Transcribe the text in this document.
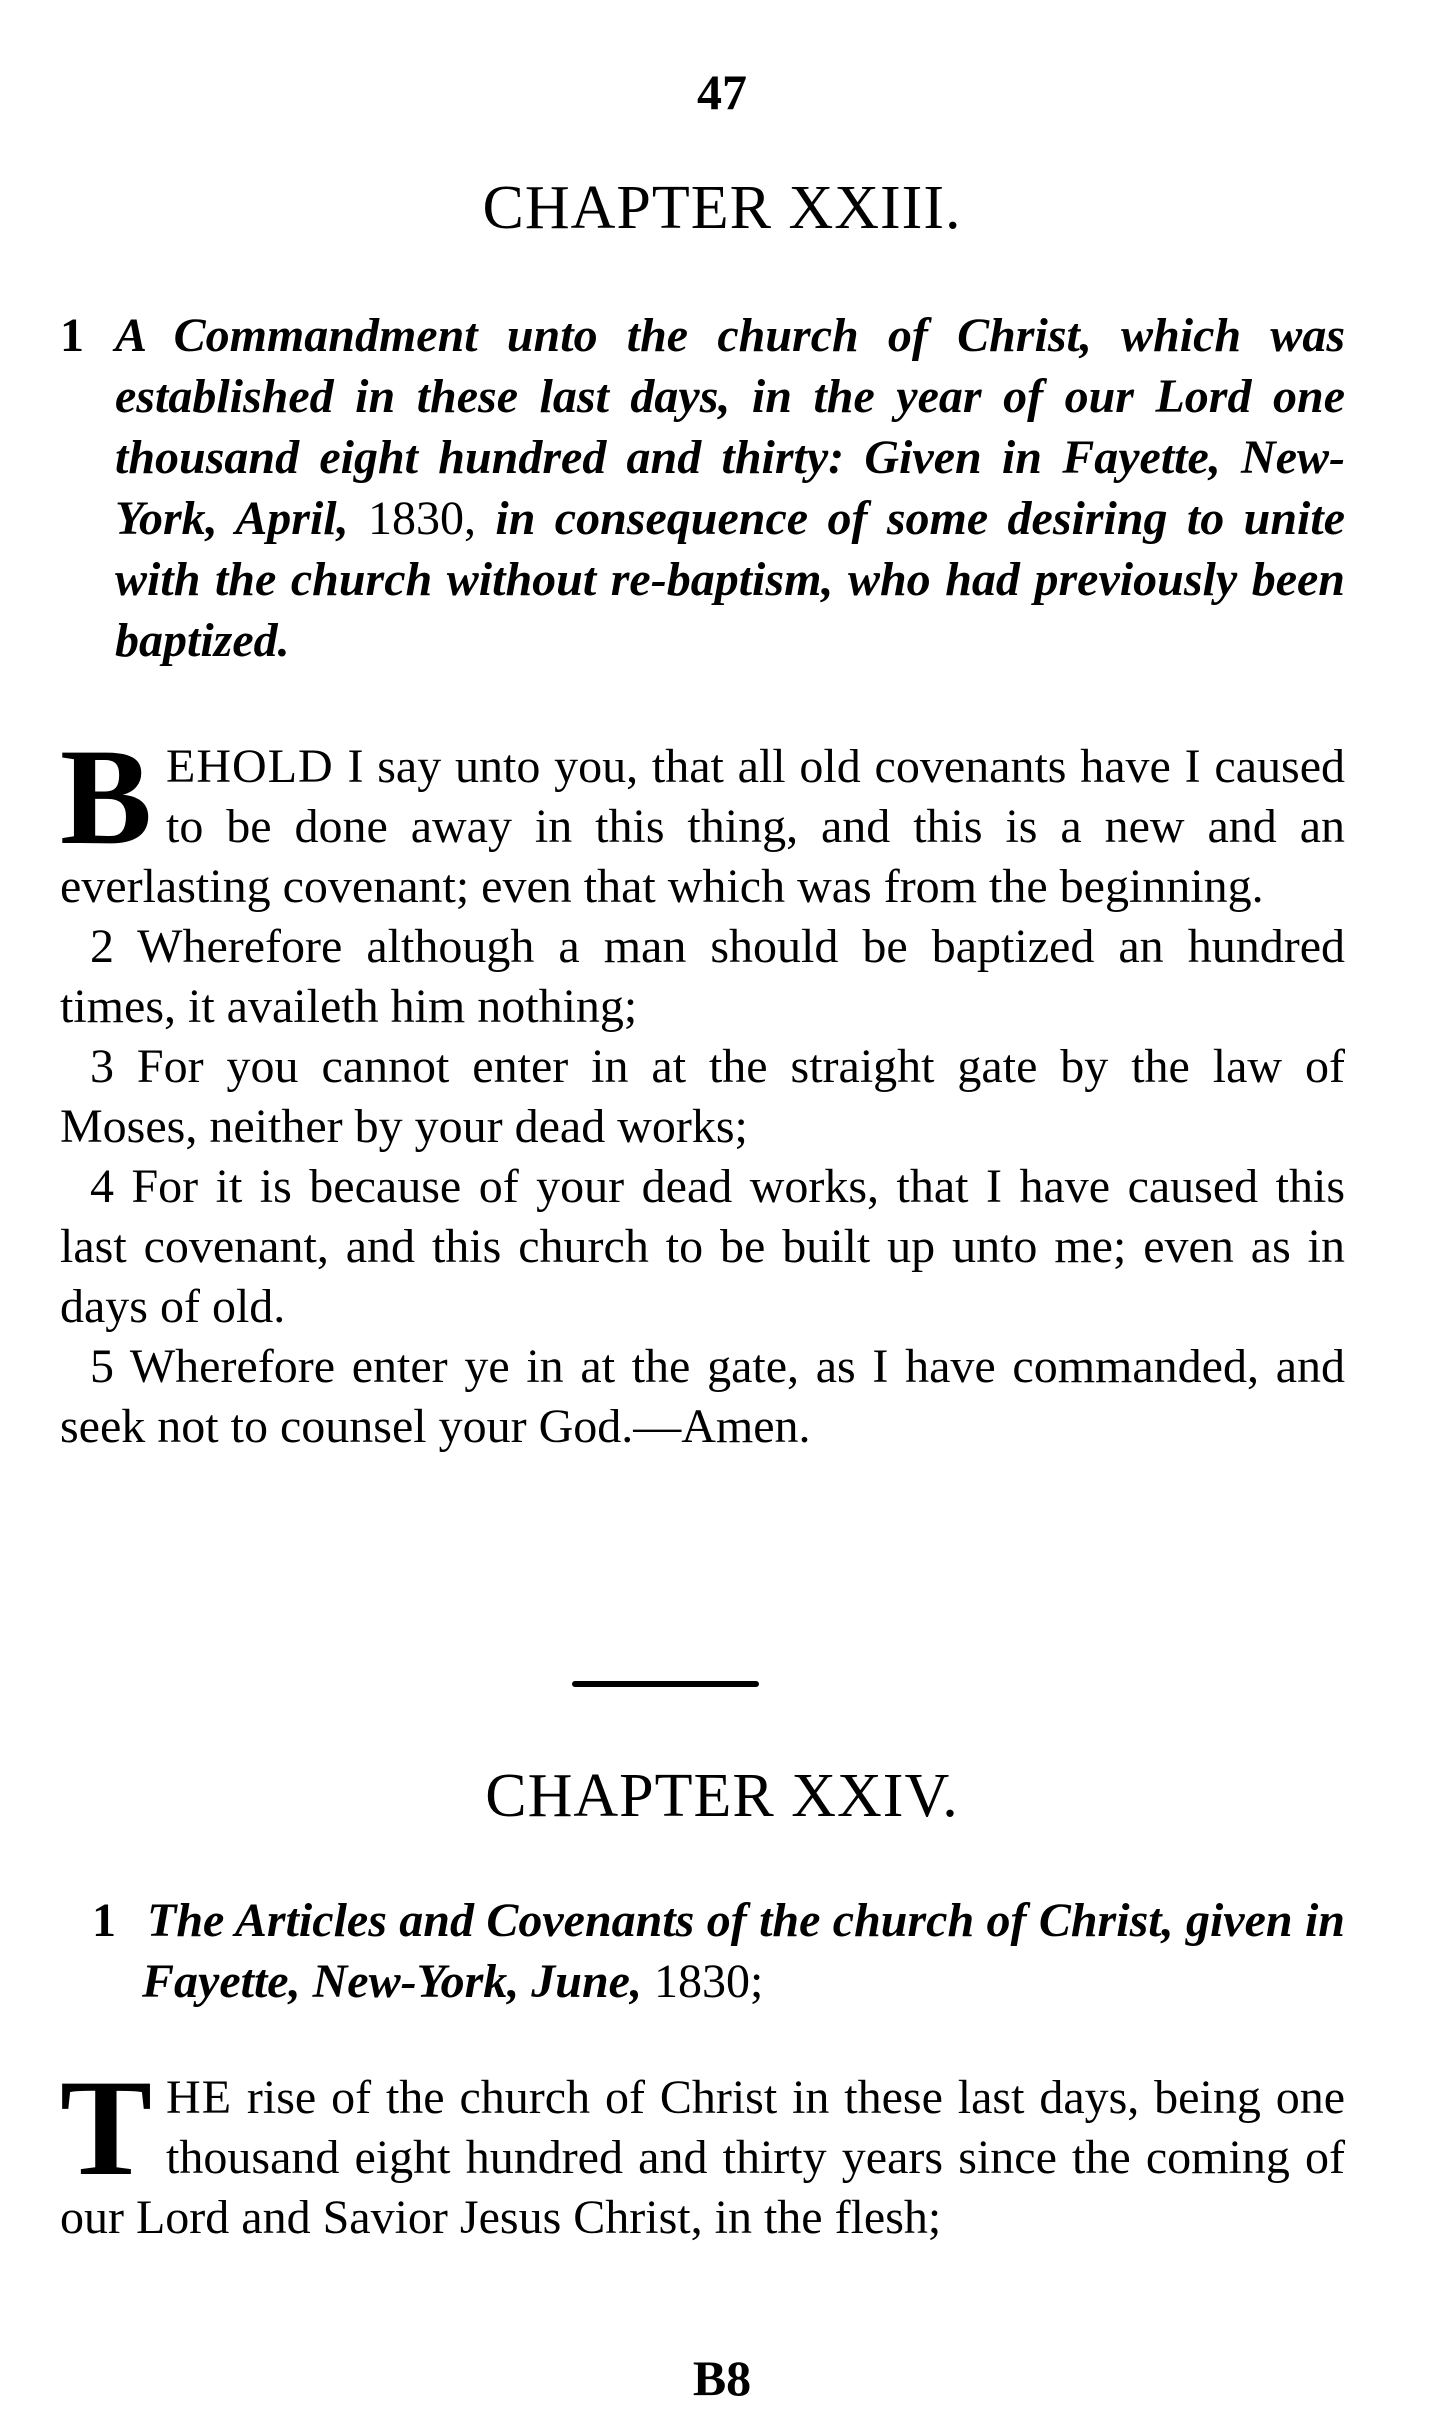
47
CHAPTER XXIII.
1 A Commandment unto the church of Christ, which was established in these last days, in the year of our Lord one thousand eight hundred and thirty: Given in Fayette, New-York, April, 1830, in consequence of some desiring to unite with the church without re-baptism, who had previously been baptized.

BEHOLD I say unto you, that all old covenants have I caused to be done away in this thing, and this is a new and an everlasting covenant; even that which was from the beginning.

2 Wherefore although a man should be baptized an hundred times, it availeth him nothing;

3 For you cannot enter in at the straight gate by the law of Moses, neither by your dead works;

4 For it is because of your dead works, that I have caused this last covenant, and this church to be built up unto me; even as in days of old.

5 Wherefore enter ye in at the gate, as I have commanded, and seek not to counsel your God.—Amen.

CHAPTER XXIV.
1 The Articles and Covenants of the church of Christ, given in Fayette, New-York, June, 1830;

THE rise of the church of Christ in these last days, being one thousand eight hundred and thirty years since the coming of our Lord and Savior Jesus Christ, in the flesh;

B8
